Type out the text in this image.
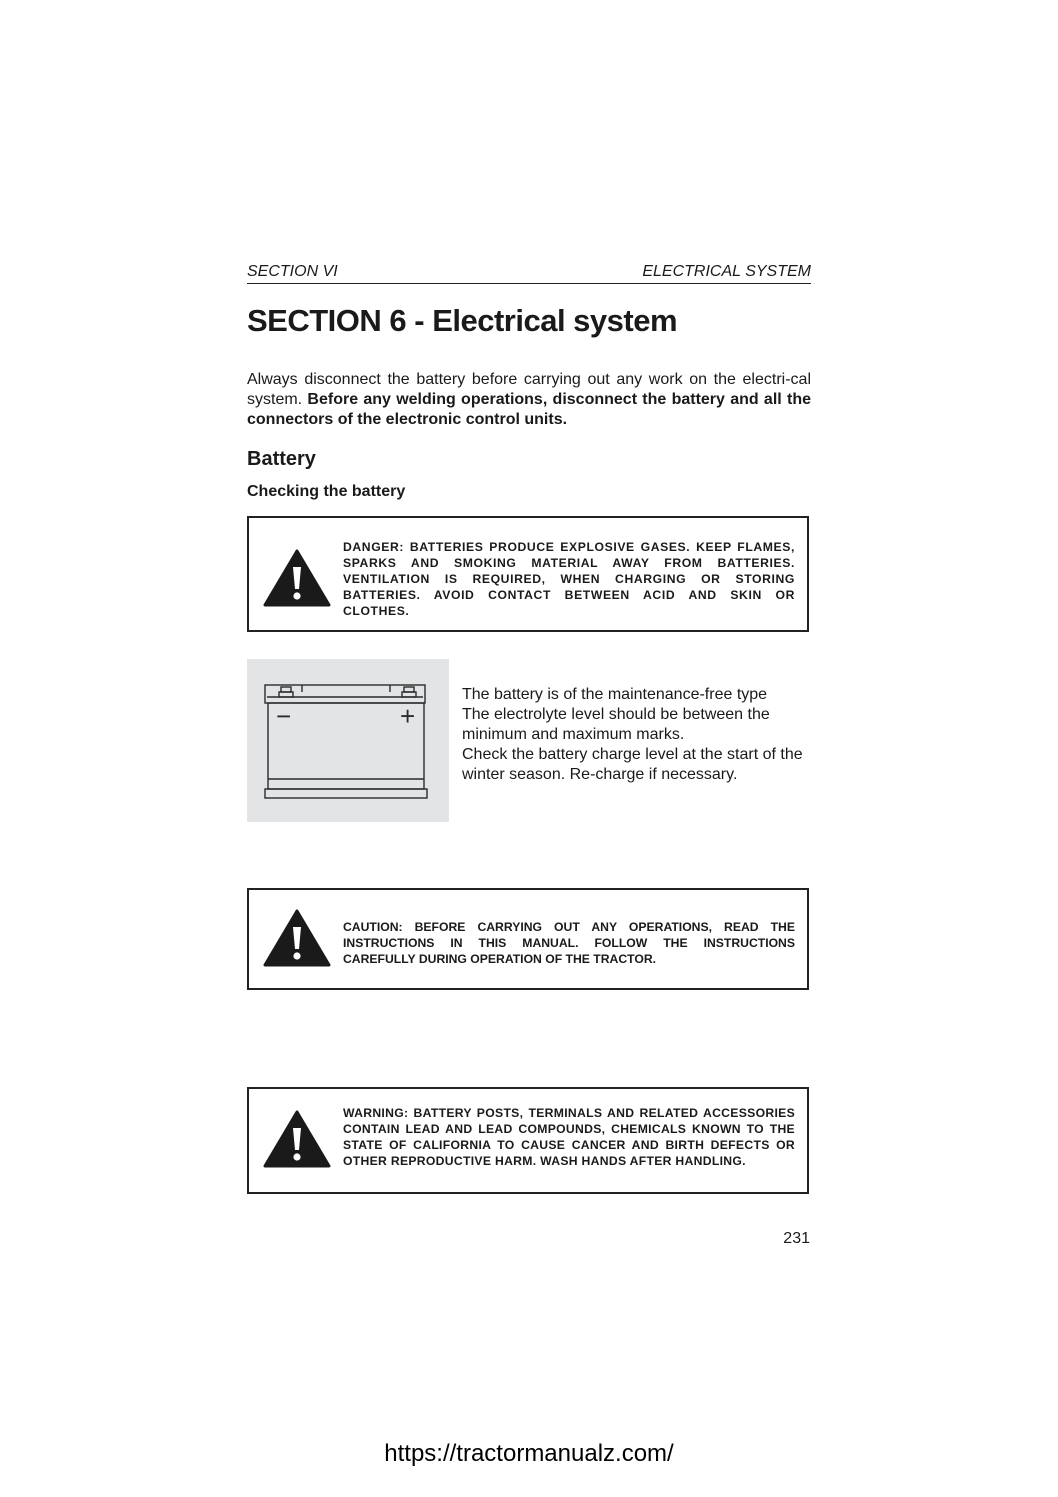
SECTION VI	ELECTRICAL SYSTEM
SECTION 6 - Electrical system

Always disconnect the battery before carrying out any work on the electri-cal system. Before any welding operations, disconnect the battery and all the connectors of the electronic control units.

Battery
Checking the battery

DANGER: BATTERIES PRODUCE EXPLOSIVE GASES. KEEP FLAMES, SPARKS AND SMOKING MATERIAL AWAY FROM BATTERIES. VENTILATION IS REQUIRED, WHEN CHARGING OR STORING BATTERIES. AVOID CONTACT BETWEEN ACID AND SKIN OR CLOTHES.

−	+

The battery is of the maintenance-free type
The electrolyte level should be between the
minimum and maximum marks.
Check the battery charge level at the start of the
winter season. Re-charge if necessary.

CAUTION: BEFORE CARRYING OUT ANY OPERATIONS, READ THE INSTRUCTIONS IN THIS MANUAL. FOLLOW THE INSTRUCTIONS CAREFULLY DURING OPERATION OF THE TRACTOR.

WARNING: BATTERY POSTS, TERMINALS AND RELATED ACCESSORIES CONTAIN LEAD AND LEAD COMPOUNDS, CHEMICALS KNOWN TO THE STATE OF CALIFORNIA TO CAUSE CANCER AND BIRTH DEFECTS OR OTHER REPRODUCTIVE HARM. WASH HANDS AFTER HANDLING.

231
https://tractormanualz.com/
